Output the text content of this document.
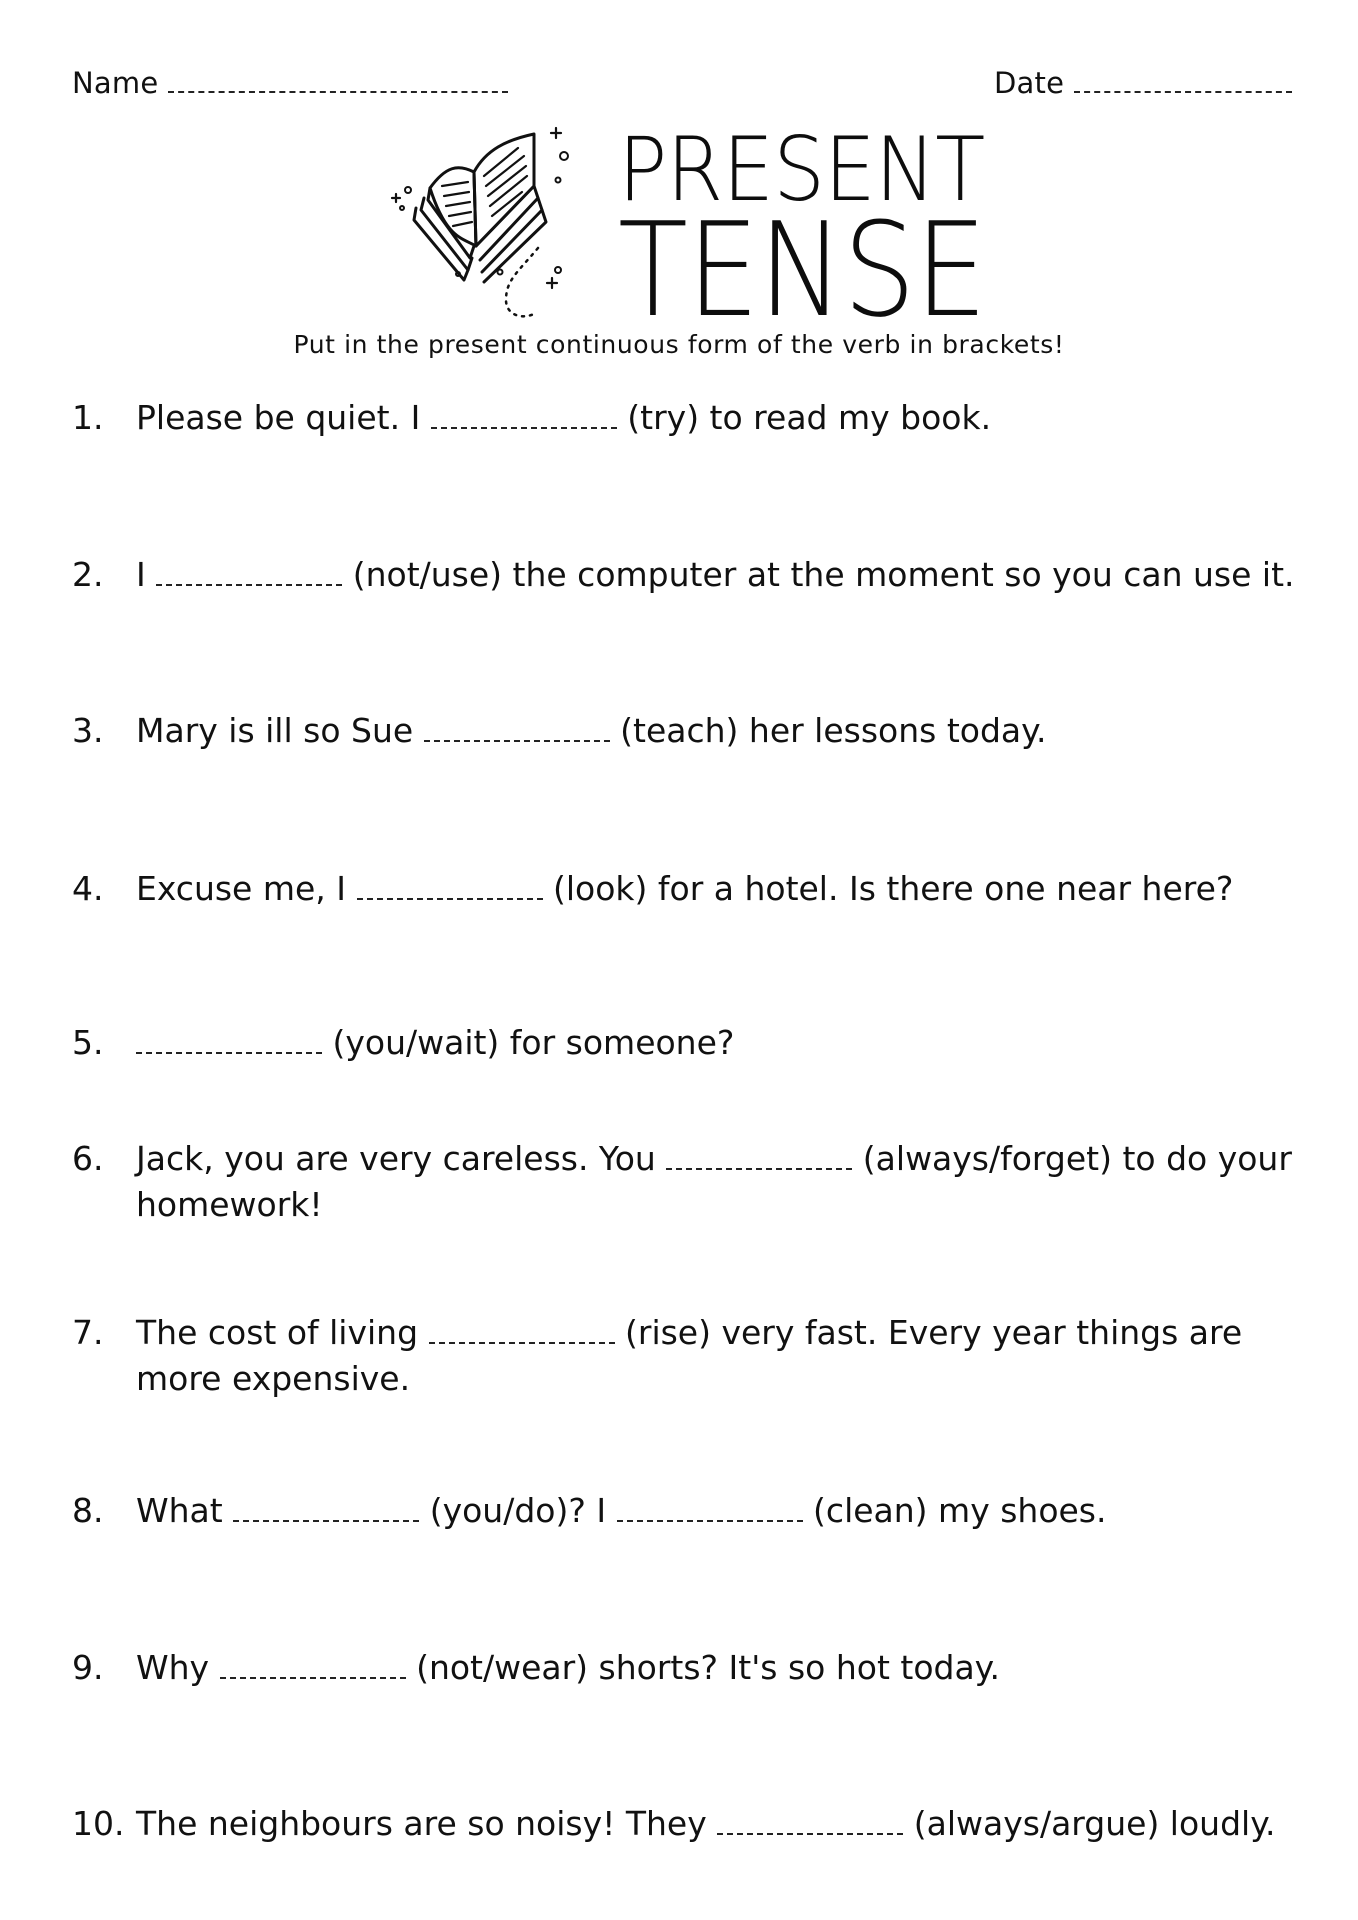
Name	Date
PRESENT
TENSE
Put in the present continuous form of the verb in brackets!
1. Please be quiet. I	(try) to read my book.
2. I	(not/use) the computer at the moment so you can use it.
3. Mary is ill so Sue	(teach) her lessons today.
4. Excuse me, I	(look) for a hotel. Is there one near here?
5.	(you/wait) for someone?
6. Jack, you are very careless. You	(always/forget) to do your homework!
7. The cost of living	(rise) very fast. Every year things are more expensive.
8. What	(you/do)? I	(clean) my shoes.
9. Why	(not/wear) shorts? It's so hot today.
10. The neighbours are so noisy! They	(always/argue) loudly.
